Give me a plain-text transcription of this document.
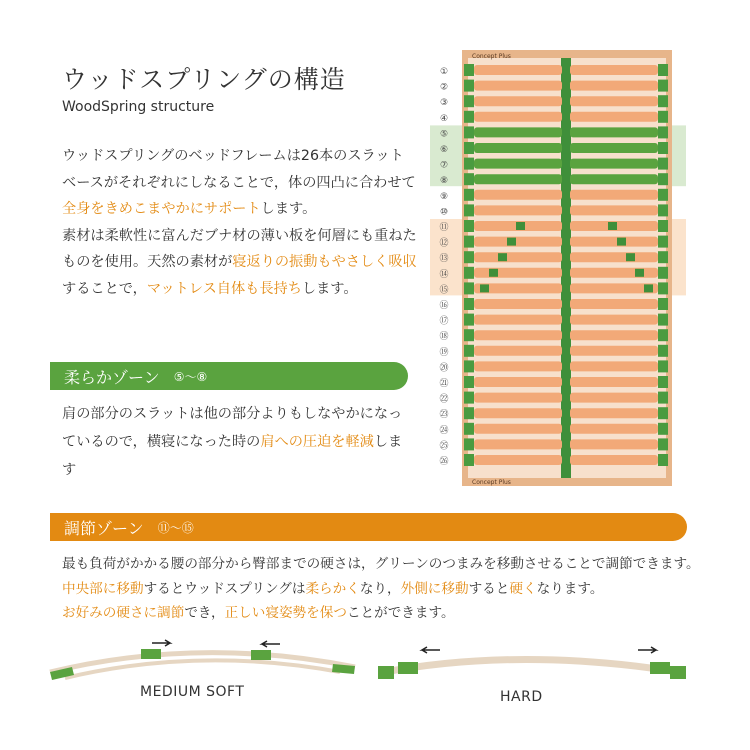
ウッドスプリングの構造
WoodSpring structure
ウッドスプリングのベッドフレームは26本のスラットベースがそれぞれにしなることで，体の四凸に合わせて全身をきめこまやかにサポートします。
素材は柔軟性に富んだブナ材の薄い板を何層にも重ねたものを使用。天然の素材が寝返りの振動もやさしく吸収することで，マットレス自体も長持ちします。
柔らかゾーン ⑤〜⑧
肩の部分のスラットは他の部分よりもしなやかになっているので，横寝になった時の肩への圧迫を軽減します
調節ゾーン ⑪〜⑮
最も負荷がかかる腰の部分から臀部までの硬さは，グリーンのつまみを移動させることで調節できます。中央部に移動するとウッドスプリングは柔らかくなり，外側に移動すると硬くなります。
お好みの硬さに調節でき，正しい寝姿勢を保つことができます。
Concept Plus
Concept Plus
①
②
③
④
⑤
⑥
⑦
⑧
⑨
⑩
⑪
⑫
⑬
⑭
⑮
⑯
⑰
⑱
⑲
⑳
㉑
㉒
㉓
㉔
㉕
㉖
MEDIUM SOFT	HARD
